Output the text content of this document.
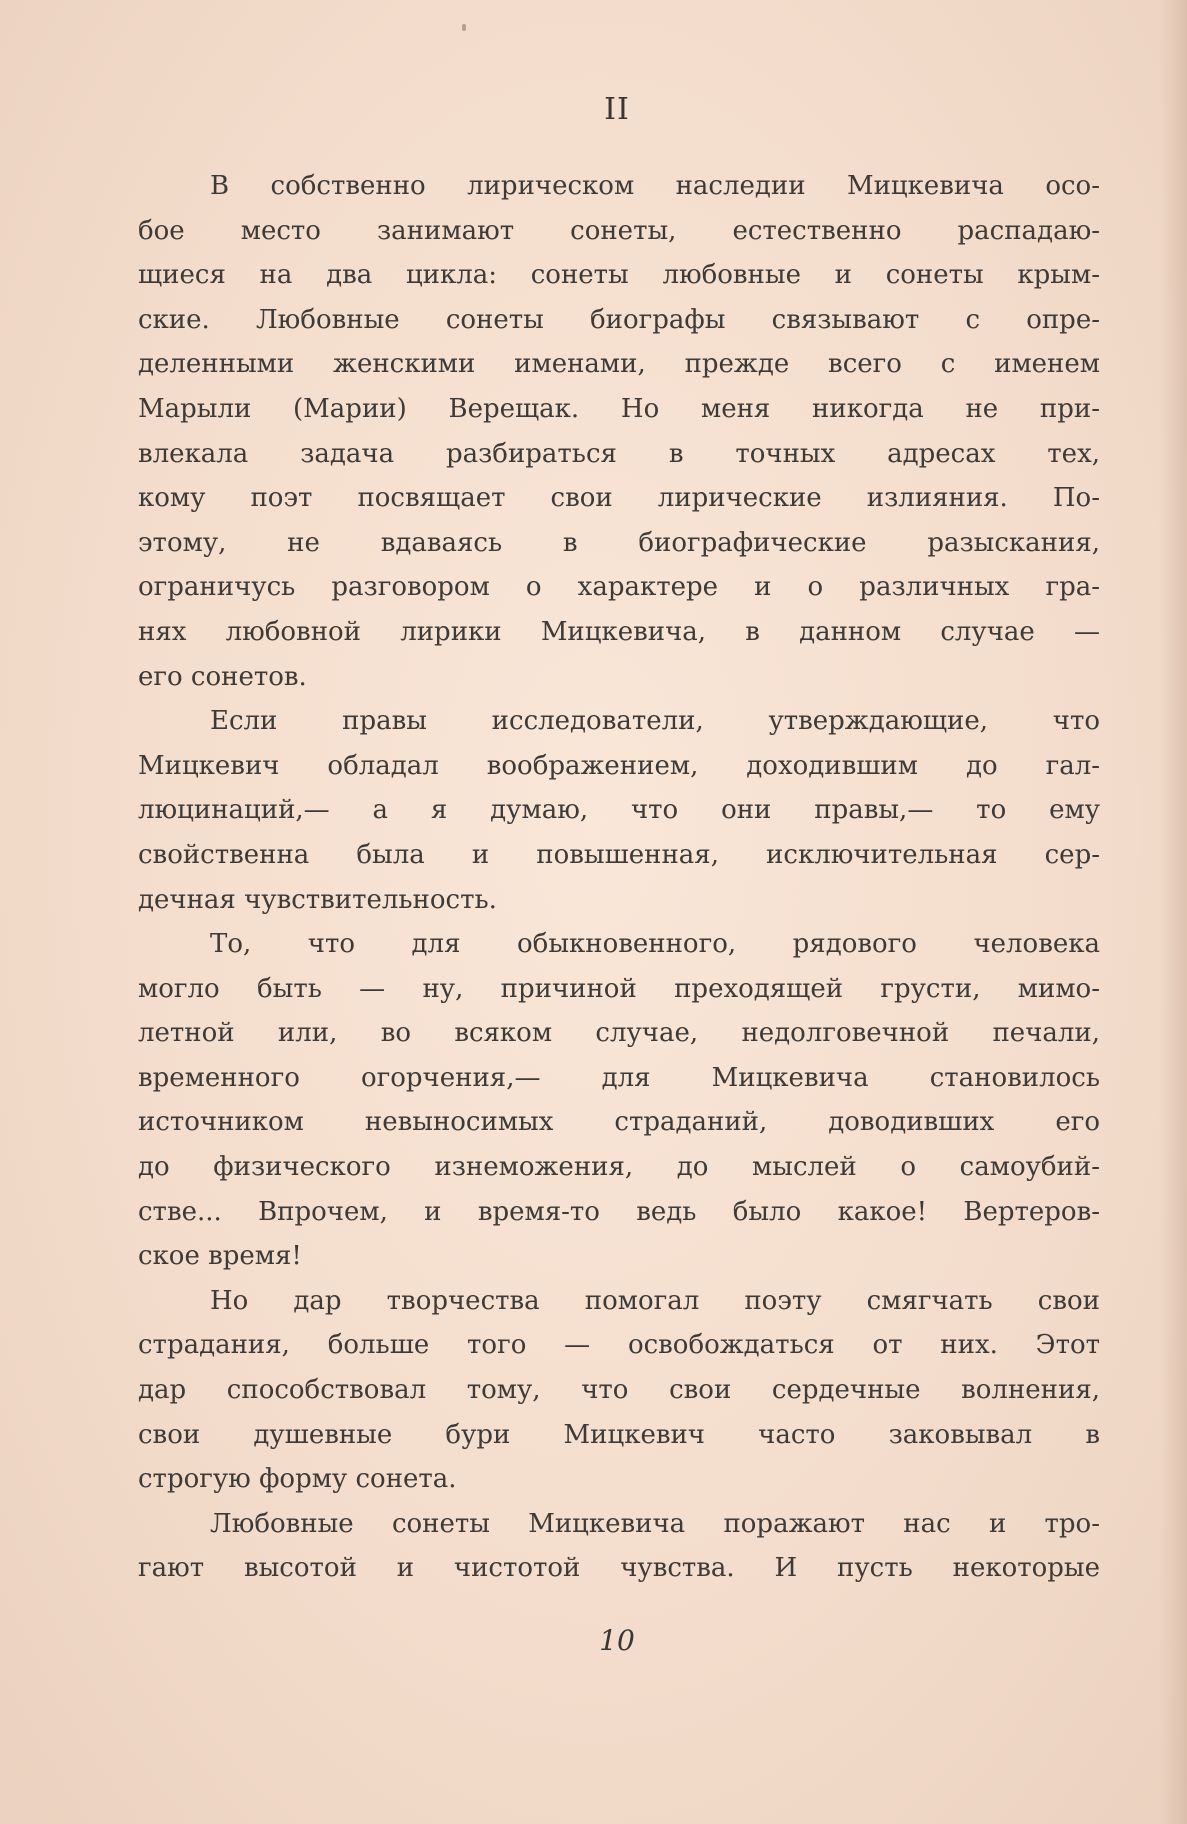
II
В собственно лирическом наследии Мицкевича осо-
бое место занимают сонеты, естественно распадаю-
щиеся на два цикла: сонеты любовные и сонеты крым-
ские. Любовные сонеты биографы связывают с опре-
деленными женскими именами, прежде всего с именем
Марыли (Марии) Верещак. Но меня никогда не при-
влекала задача разбираться в точных адресах тех,
кому поэт посвящает свои лирические излияния. По-
этому, не вдаваясь в биографические разыскания,
ограничусь разговором о характере и о различных гра-
нях любовной лирики Мицкевича, в данном случае —
его сонетов.
Если правы исследователи, утверждающие, что
Мицкевич обладал воображением, доходившим до гал-
люцинаций,— а я думаю, что они правы,— то ему
свойственна была и повышенная, исключительная сер-
дечная чувствительность.
То, что для обыкновенного, рядового человека
могло быть — ну, причиной преходящей грусти, мимо-
летной или, во всяком случае, недолговечной печали,
временного огорчения,— для Мицкевича становилось
источником невыносимых страданий, доводивших его
до физического изнеможения, до мыслей о самоубий-
стве... Впрочем, и время-то ведь было какое! Вертеров-
ское время!
Но дар творчества помогал поэту смягчать свои
страдания, больше того — освобождаться от них. Этот
дар способствовал тому, что свои сердечные волнения,
свои душевные бури Мицкевич часто заковывал в
строгую форму сонета.
Любовные сонеты Мицкевича поражают нас и тро-
гают высотой и чистотой чувства. И пусть некоторые
10
